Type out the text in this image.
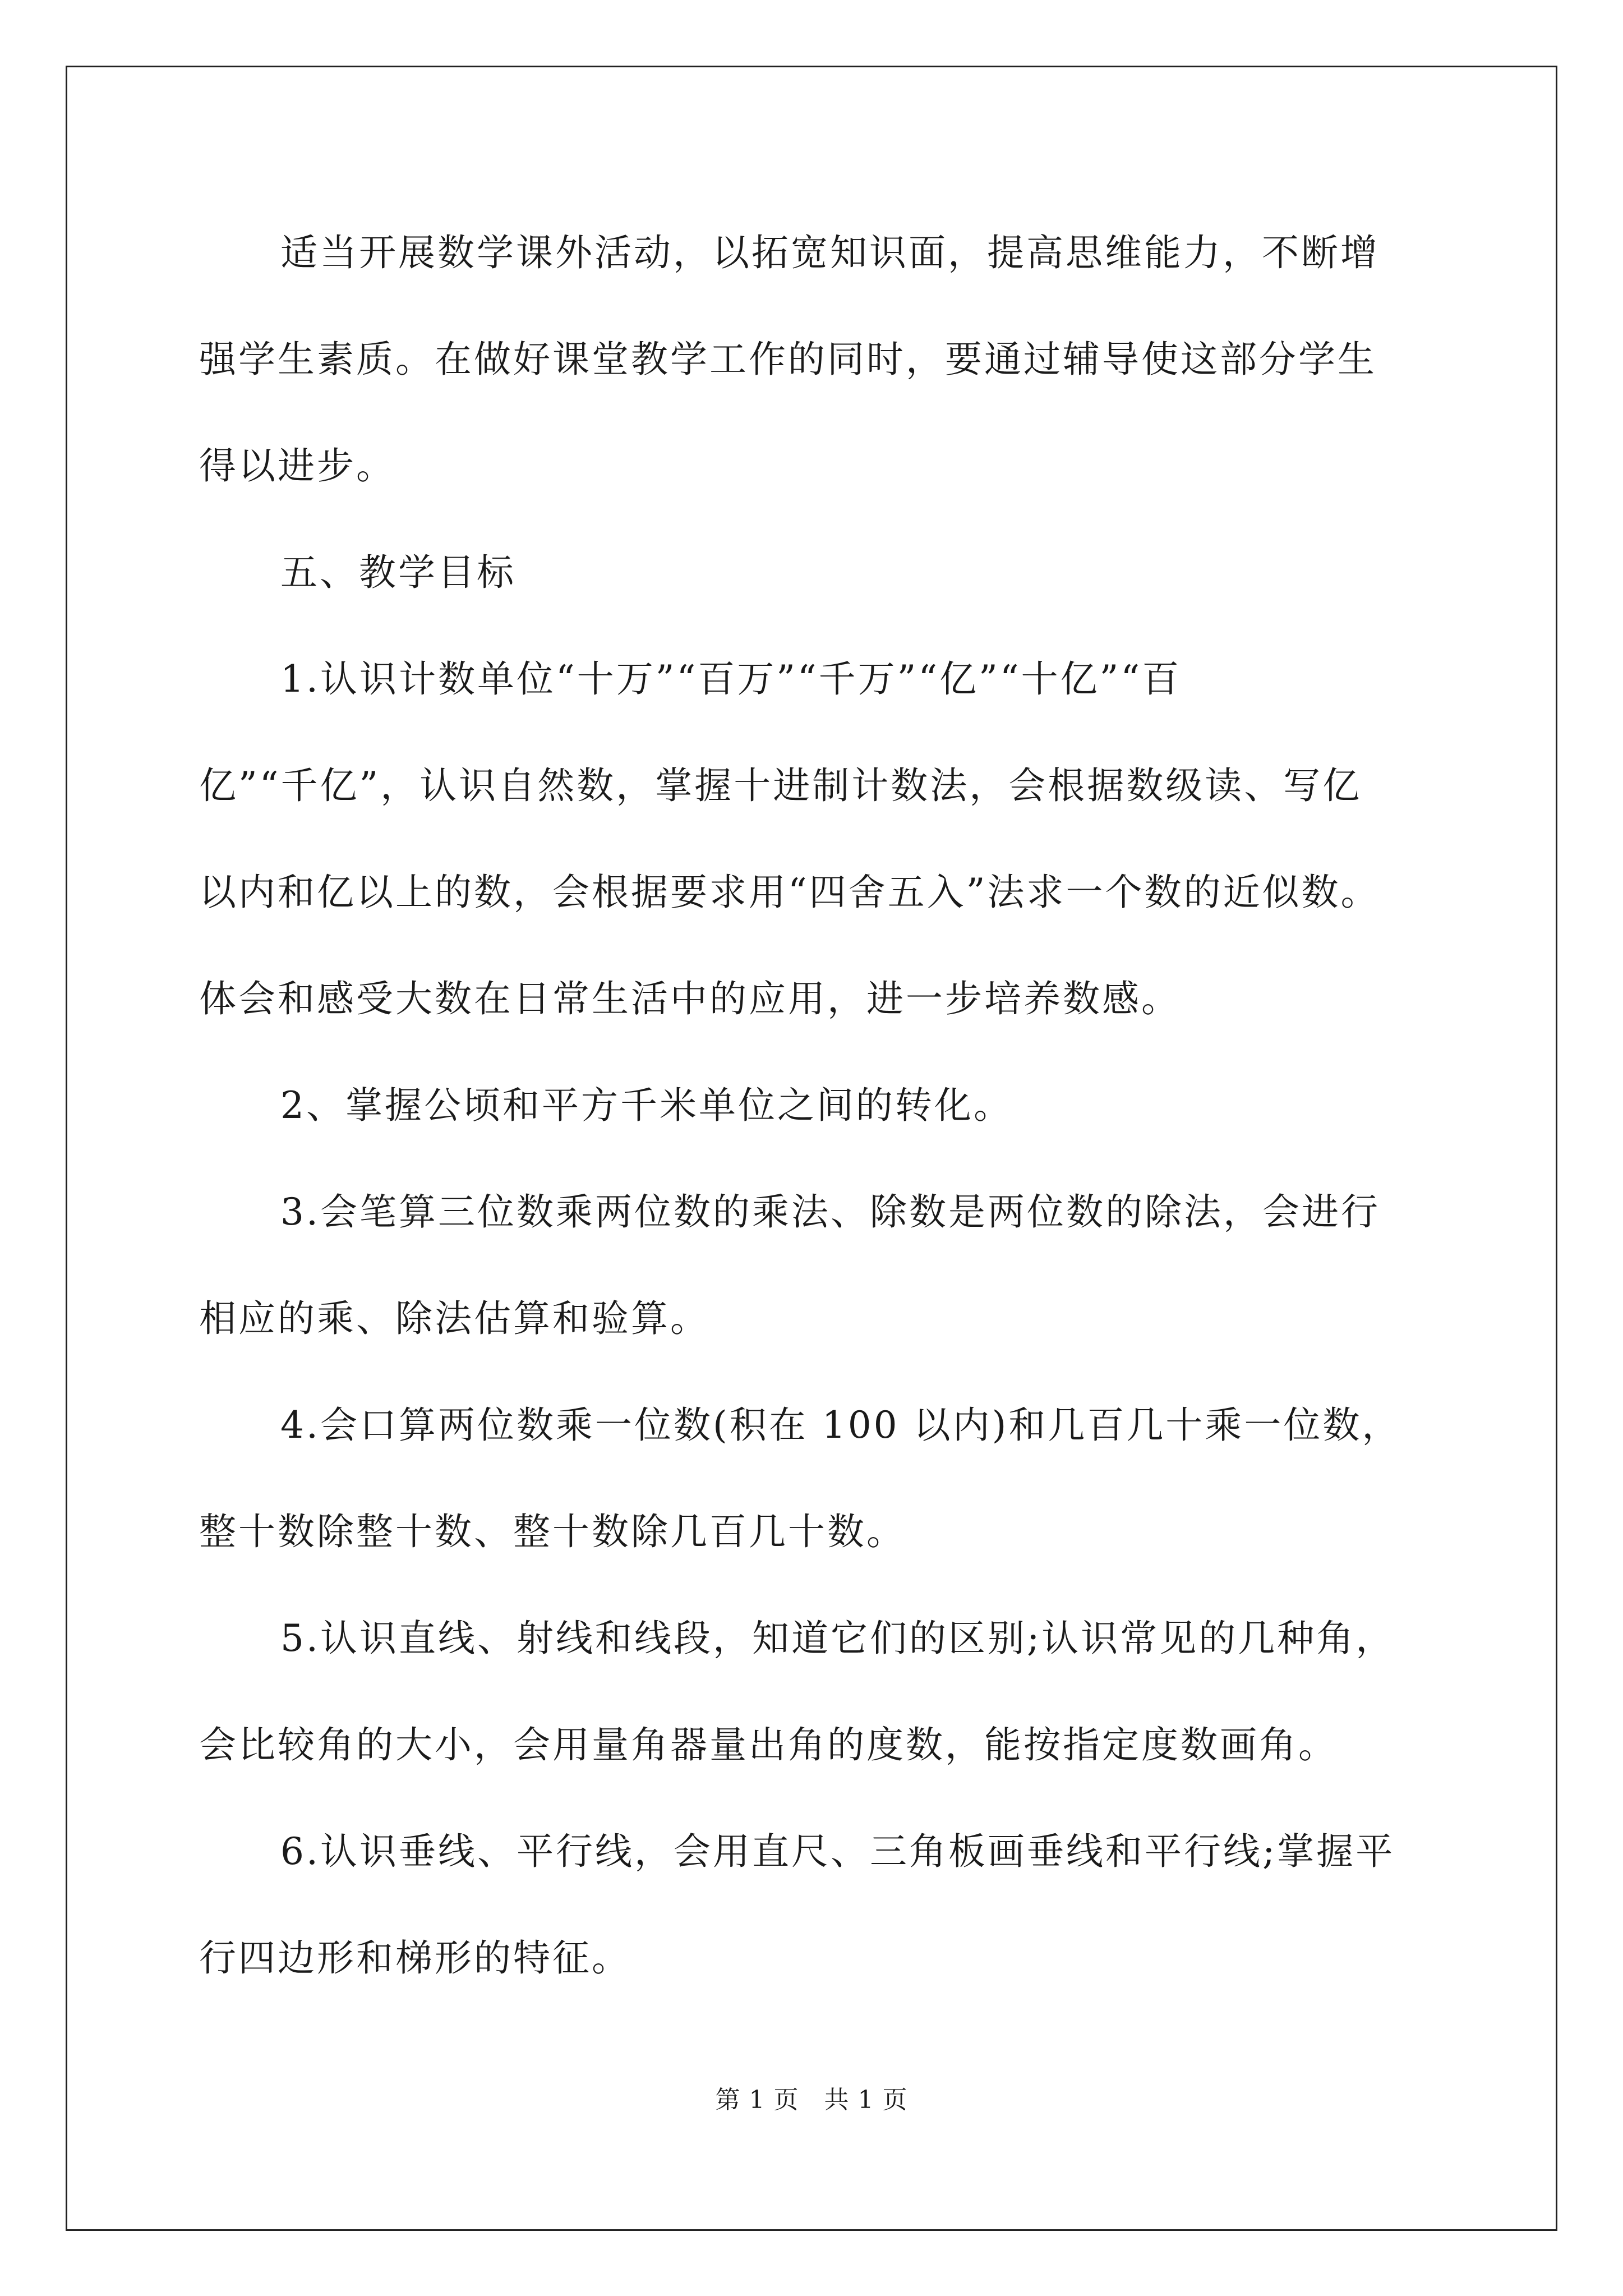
适当开展数学课外活动，以拓宽知识面，提高思维能力，不断增
强学生素质。在做好课堂教学工作的同时，要通过辅导使这部分学生
得以进步。
五、教学目标
1.认识计数单位“十万”“百万”“千万”“亿”“十亿”“百
亿”“千亿”，认识自然数，掌握十进制计数法，会根据数级读、写亿
以内和亿以上的数，会根据要求用“四舍五入”法求一个数的近似数。
体会和感受大数在日常生活中的应用，进一步培养数感。
2、掌握公顷和平方千米单位之间的转化。
3.会笔算三位数乘两位数的乘法、除数是两位数的除法，会进行
相应的乘、除法估算和验算。
4.会口算两位数乘一位数(积在 100 以内)和几百几十乘一位数，
整十数除整十数、整十数除几百几十数。
5.认识直线、射线和线段，知道它们的区别;认识常见的几种角，
会比较角的大小，会用量角器量出角的度数，能按指定度数画角。
6.认识垂线、平行线，会用直尺、三角板画垂线和平行线;掌握平
行四边形和梯形的特征。
第 1 页　共 1 页
